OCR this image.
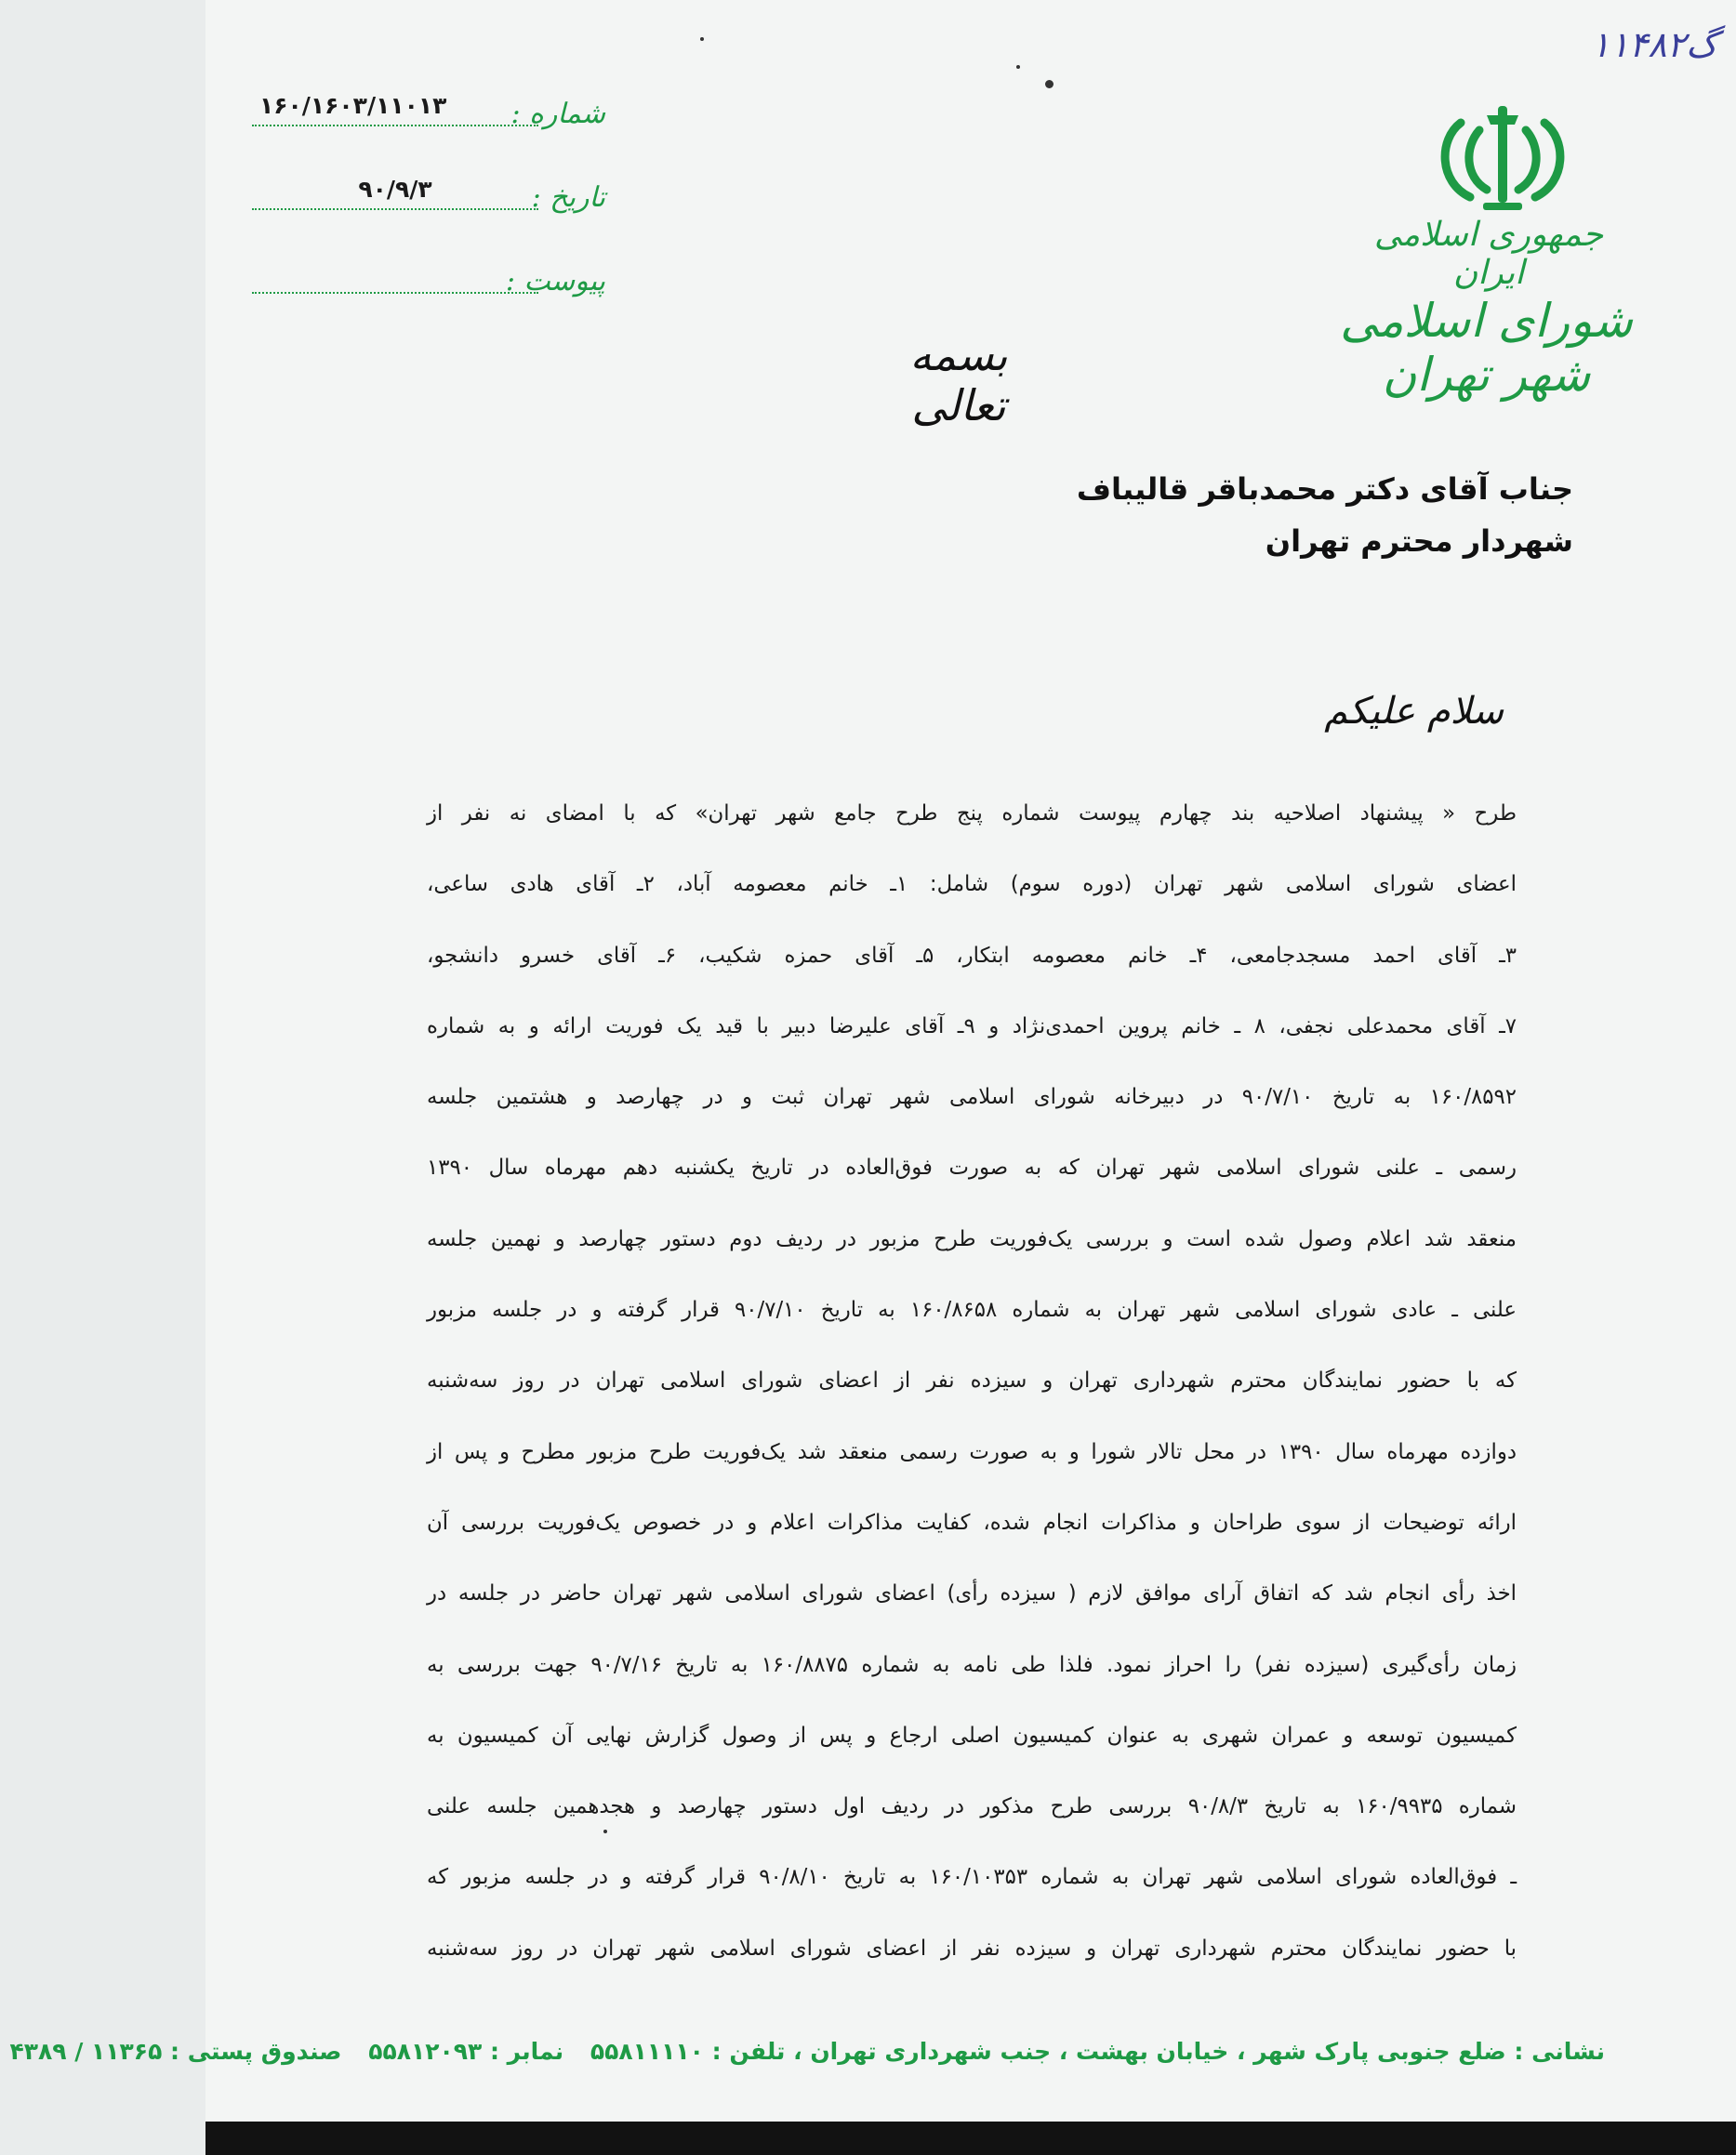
۱۱۴۸۲گ
جمهوری اسلامی ایران
شورای اسلامی شهر تهران
شماره :
۱۶۰/۱۶۰۳/۱۱۰۱۳
تاریخ :
۹۰/۹/۳
پیوست :
بسمه تعالی
جناب آقای دکتر محمدباقر قالیباف
شهردار محترم تهران
سلام علیکم

طرح « پیشنهاد اصلاحیه بند چهارم پیوست شماره پنج طرح جامع شهر تهران» که با امضای نه نفر از

اعضای شورای اسلامی شهر تهران (دوره سوم) شامل: ۱ـ خانم معصومه آباد، ۲ـ آقای هادی ساعی،

۳ـ آقای احمد مسجدجامعی، ۴ـ خانم معصومه ابتکار، ۵ـ آقای حمزه شکیب، ۶ـ آقای خسرو دانشجو،

۷ـ آقای محمدعلی نجفی، ۸ ـ خانم پروین احمدی‌نژاد و ۹ـ آقای علیرضا دبیر با قید یک فوریت ارائه و به شماره

۱۶۰/۸۵۹۲ به تاریخ ۹۰/۷/۱۰ در دبیرخانه شورای اسلامی شهر تهران ثبت و در چهارصد و هشتمین جلسه

رسمی ـ علنی شورای اسلامی شهر تهران که به صورت فوق‌العاده در تاریخ یکشنبه دهم مهرماه سال ۱۳۹۰

منعقد شد اعلام وصول شده است و بررسی یک‌فوریت طرح مزبور در ردیف دوم دستور چهارصد و نهمین جلسه

علنی ـ عادی شورای اسلامی شهر تهران به شماره ۱۶۰/۸۶۵۸ به تاریخ ۹۰/۷/۱۰ قرار گرفته و در جلسه مزبور

که با حضور نمایندگان محترم شهرداری تهران و سیزده نفر از اعضای شورای اسلامی تهران در روز سه‌شنبه

دوازده مهرماه سال ۱۳۹۰ در محل تالار شورا و به صورت رسمی منعقد شد یک‌فوریت طرح مزبور مطرح و پس از

ارائه توضیحات از سوی طراحان و مذاکرات انجام شده، کفایت مذاکرات اعلام و در خصوص یک‌فوریت بررسی آن

اخذ رأی انجام شد که اتفاق آرای موافق لازم ( سیزده رأی) اعضای شورای اسلامی شهر تهران حاضر در جلسه در

زمان رأی‌گیری (سیزده نفر) را احراز نمود. فلذا طی نامه به شماره ۱۶۰/۸۸۷۵ به تاریخ ۹۰/۷/۱۶ جهت بررسی به

کمیسیون توسعه و عمران شهری به عنوان کمیسیون اصلی ارجاع و پس از وصول گزارش نهایی آن کمیسیون به

شماره ۱۶۰/۹۹۳۵ به تاریخ ۹۰/۸/۳ بررسی طرح مذکور در ردیف اول دستور چهارصد و هجدهمین جلسه علنی

ـ فوق‌العاده شورای اسلامی شهر تهران به شماره ۱۶۰/۱۰۳۵۳ به تاریخ ۹۰/۸/۱۰ قرار گرفته و در جلسه مزبور که

با حضور نمایندگان محترم شهرداری تهران و سیزده نفر از اعضای شورای اسلامی شهر تهران در روز سه‌شنبه

نشانی : ضلع جنوبی پارک شهر ، خیابان بهشت ، جنب شهرداری تهران ، تلفن : ۵۵۸۱۱۱۱۰ نمابر : ۵۵۸۱۲۰۹۳ صندوق پستی : ۱۱۳۶۵ / ۴۳۸۹
